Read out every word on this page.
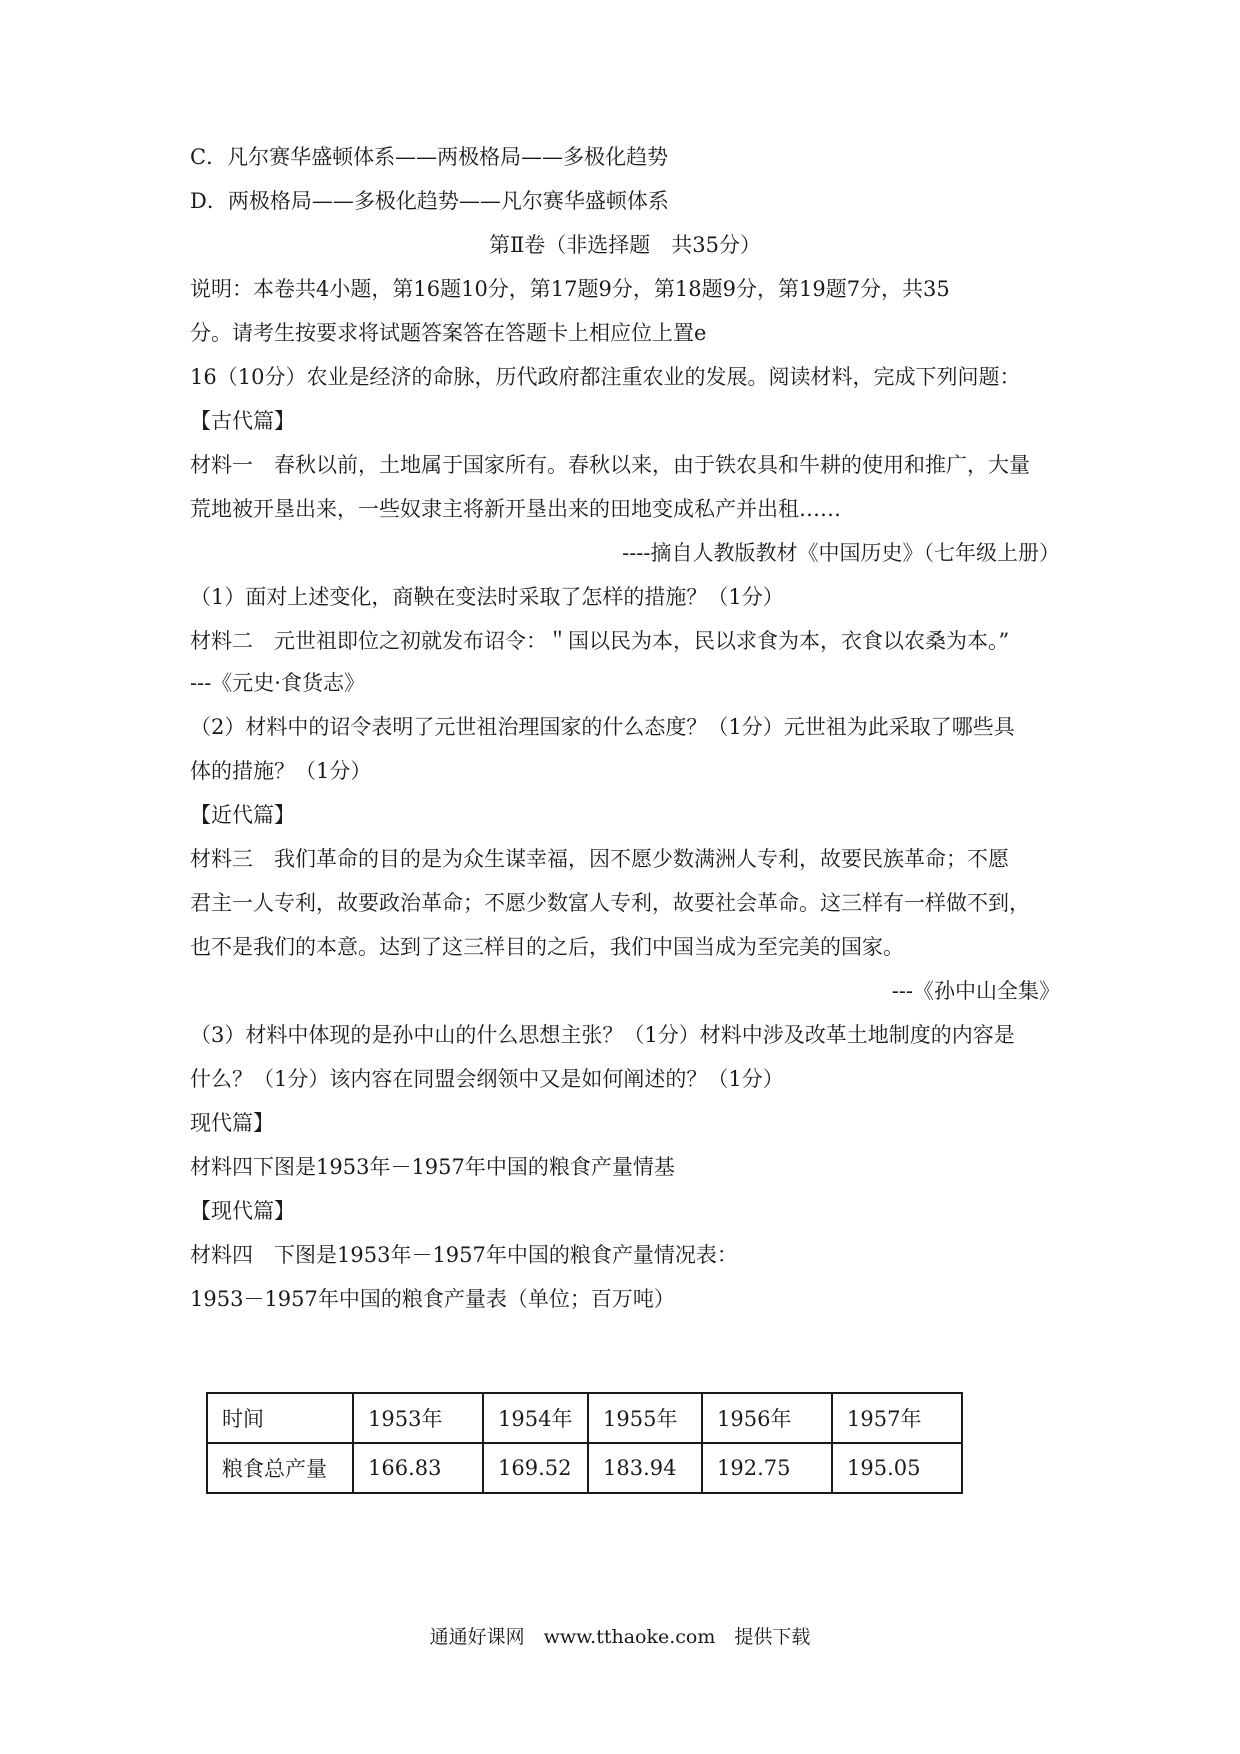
C．凡尔赛华盛顿体系——两极格局——多极化趋势
D．两极格局——多极化趋势——凡尔赛华盛顿体系
第Ⅱ卷（非选择题　共35分）
说明：本卷共4小题，第16题10分，第17题9分，第18题9分，第19题7分，共35
分。请考生按要求将试题答案答在答题卡上相应位上置e
16（10分）农业是经济的命脉，历代政府都注重农业的发展。阅读材料，完成下列问题：
【古代篇】
材料一　春秋以前，土地属于国家所有。春秋以来，由于铁农具和牛耕的使用和推广，大量
荒地被开垦出来，一些奴隶主将新开垦出来的田地变成私产并出租……
----摘自人教版教材《中国历史》（七年级上册）
（1）面对上述变化，商鞅在变法时采取了怎样的措施？（1分）
材料二　元世祖即位之初就发布诏令：＂国以民为本，民以求食为本，衣食以农桑为本。”
---《元史·食货志》
（2）材料中的诏令表明了元世祖治理国家的什么态度？（1分）元世祖为此采取了哪些具
体的措施？（1分）
【近代篇】
材料三　我们革命的目的是为众生谋幸福，因不愿少数满洲人专利，故要民族革命；不愿
君主一人专利，故要政治革命；不愿少数富人专利，故要社会革命。这三样有一样做不到，
也不是我们的本意。达到了这三样目的之后，我们中国当成为至完美的国家。
---《孙中山全集》
（3）材料中体现的是孙中山的什么思想主张？（1分）材料中涉及改革土地制度的内容是
什么？（1分）该内容在同盟会纲领中又是如何阐述的？（1分）
现代篇】
材料四下图是1953年－1957年中国的粮食产量情基
【现代篇】
材料四　下图是1953年－1957年中国的粮食产量情况表：
1953－1957年中国的粮食产量表（单位；百万吨）
时间	1953年	1954年	1955年	1956年	1957年
粮食总产量	166.83	169.52	183.94	192.75	195.05
通通好课网　www.tthaoke.com　提供下载
